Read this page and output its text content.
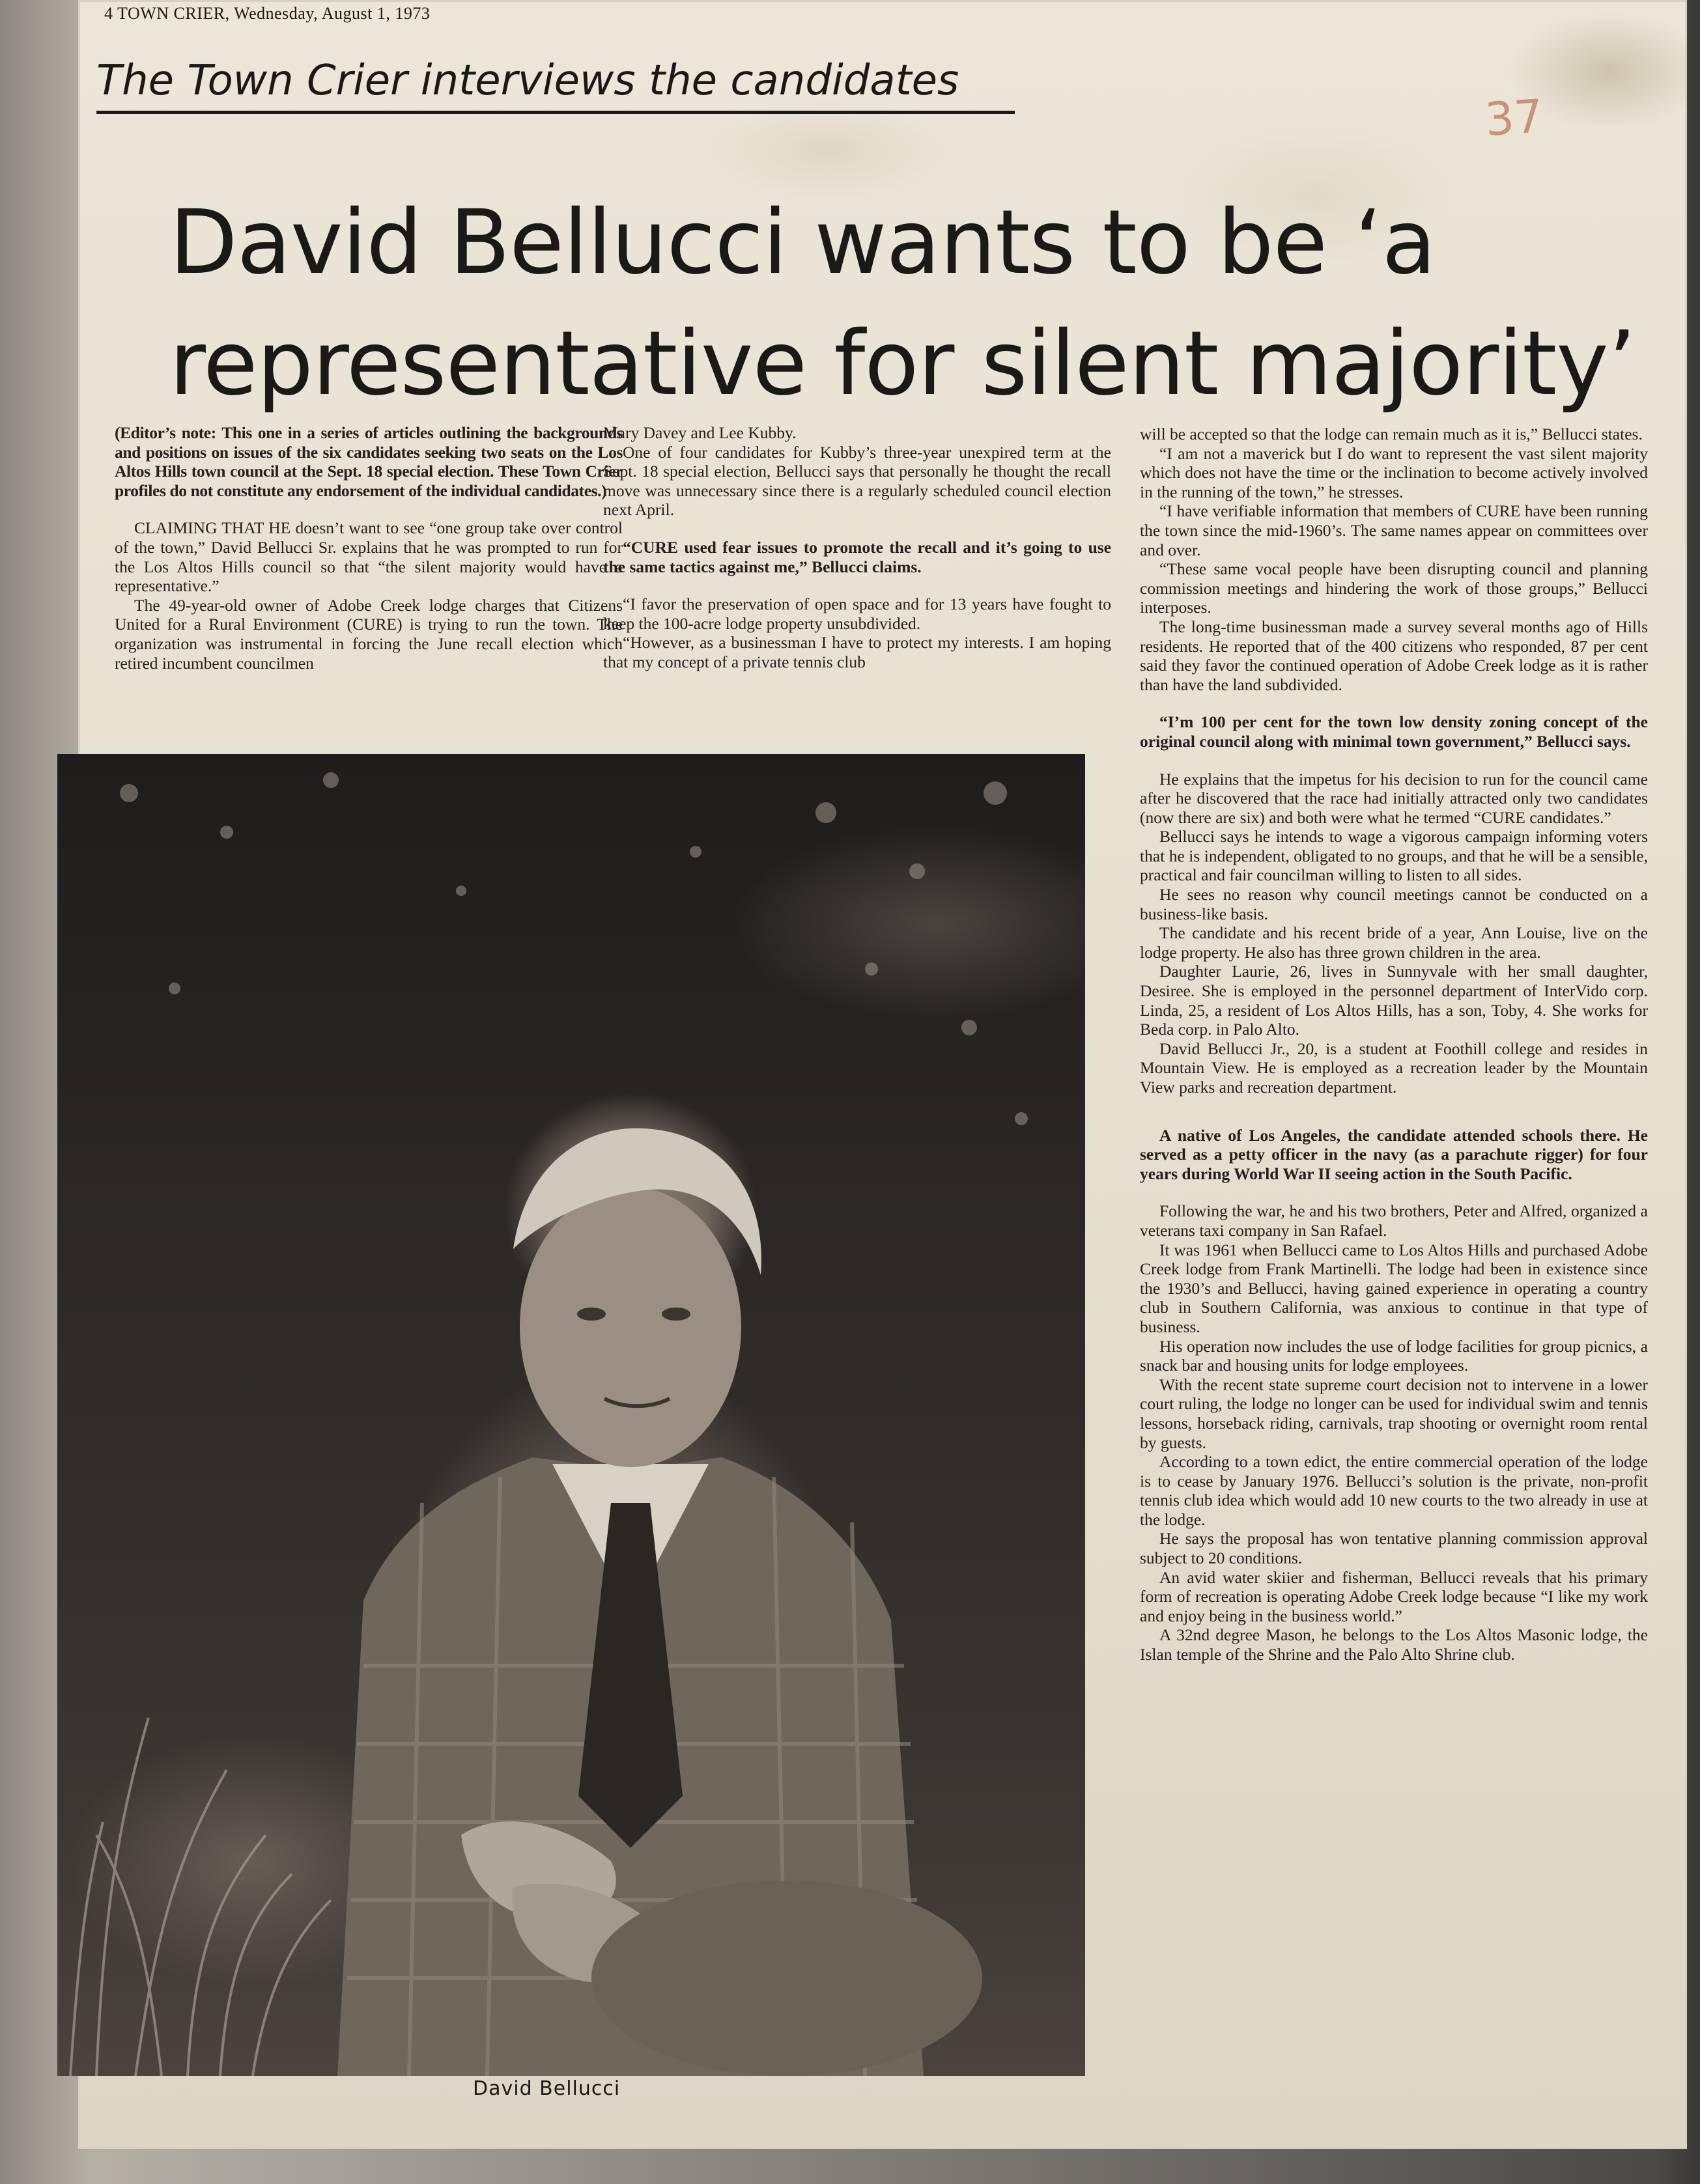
4 TOWN CRIER, Wednesday, August 1, 1973
37
The Town Crier interviews the candidates
David Bellucci wants to be ‘a
representative for silent majority’

(Editor’s note: This one in a series of articles outlining the backgrounds and positions on issues of the six candidates seeking two seats on the Los Altos Hills town council at the Sept. 18 special election. These Town Crier profiles do not constitute any endorsement of the individual candidates.)

CLAIMING THAT HE doesn’t want to see “one group take over control of the town,” David Bellucci Sr. explains that he was prompted to run for the Los Altos Hills council so that “the silent majority would have a representative.”

The 49-year-old owner of Adobe Creek lodge charges that Citizens United for a Rural Environment (CURE) is trying to run the town. The organization was instrumental in forcing the June recall election which retired incumbent councilmen

Mary Davey and Lee Kubby.

One of four candidates for Kubby’s three-year unexpired term at the Sept. 18 special election, Bellucci says that personally he thought the recall move was unnecessary since there is a regularly scheduled council election next April.

“CURE used fear issues to promote the recall and it’s going to use the same tactics against me,” Bellucci claims.

“I favor the preservation of open space and for 13 years have fought to keep the 100-acre lodge property unsubdivided.

“However, as a businessman I have to protect my interests. I am hoping that my concept of a private tennis club

David Bellucci

will be accepted so that the lodge can remain much as it is,” Bellucci states.

“I am not a maverick but I do want to represent the vast silent majority which does not have the time or the inclination to become actively involved in the running of the town,” he stresses.

“I have verifiable information that members of CURE have been running the town since the mid-1960’s. The same names appear on committees over and over.

“These same vocal people have been disrupting council and planning commission meetings and hindering the work of those groups,” Bellucci interposes.

The long-time businessman made a survey several months ago of Hills residents. He reported that of the 400 citizens who responded, 87 per cent said they favor the continued operation of Adobe Creek lodge as it is rather than have the land subdivided.

“I’m 100 per cent for the town low density zoning concept of the original council along with minimal town government,” Bellucci says.

He explains that the impetus for his decision to run for the council came after he discovered that the race had initially attracted only two candidates (now there are six) and both were what he termed “CURE candidates.”

Bellucci says he intends to wage a vigorous campaign informing voters that he is independent, obligated to no groups, and that he will be a sensible, practical and fair councilman willing to listen to all sides.

He sees no reason why council meetings cannot be conducted on a business-like basis.

The candidate and his recent bride of a year, Ann Louise, live on the lodge property. He also has three grown children in the area.

Daughter Laurie, 26, lives in Sunnyvale with her small daughter, Desiree. She is employed in the personnel department of InterVido corp. Linda, 25, a resident of Los Altos Hills, has a son, Toby, 4. She works for Beda corp. in Palo Alto.

David Bellucci Jr., 20, is a student at Foothill college and resides in Mountain View. He is employed as a recreation leader by the Mountain View parks and recreation department.

A native of Los Angeles, the candidate attended schools there. He served as a petty officer in the navy (as a parachute rigger) for four years during World War II seeing action in the South Pacific.

Following the war, he and his two brothers, Peter and Alfred, organized a veterans taxi company in San Rafael.

It was 1961 when Bellucci came to Los Altos Hills and purchased Adobe Creek lodge from Frank Martinelli. The lodge had been in existence since the 1930’s and Bellucci, having gained experience in operating a country club in Southern California, was anxious to continue in that type of business.

His operation now includes the use of lodge facilities for group picnics, a snack bar and housing units for lodge employees.

With the recent state supreme court decision not to intervene in a lower court ruling, the lodge no longer can be used for individual swim and tennis lessons, horseback riding, carnivals, trap shooting or overnight room rental by guests.

According to a town edict, the entire commercial operation of the lodge is to cease by January 1976. Bellucci’s solution is the private, non-profit tennis club idea which would add 10 new courts to the two already in use at the lodge.

He says the proposal has won tentative planning commission approval subject to 20 conditions.

An avid water skiier and fisherman, Bellucci reveals that his primary form of recreation is operating Adobe Creek lodge because “I like my work and enjoy being in the business world.”

A 32nd degree Mason, he belongs to the Los Altos Masonic lodge, the Islan temple of the Shrine and the Palo Alto Shrine club.
